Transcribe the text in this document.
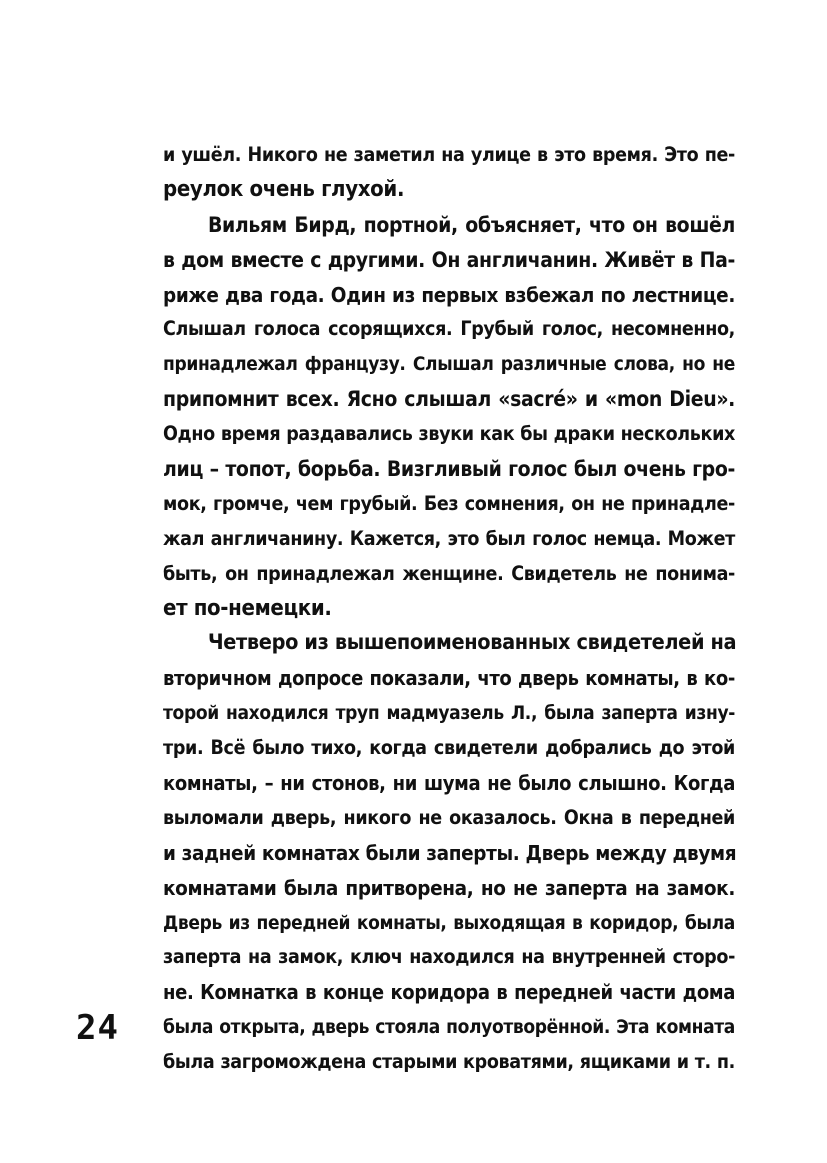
и ушёл. Никого не заметил на улице в это время. Это пе-
реулок очень глухой.
Вильям Бирд, портной, объясняет, что он вошёл
в дом вместе с другими. Он англичанин. Живёт в Па-
риже два года. Один из первых взбежал по лестнице.
Слышал голоса ссорящихся. Грубый голос, несомненно,
принадлежал французу. Слышал различные слова, но не
припомнит всех. Ясно слышал «sacré» и «mon Dieu».
Одно время раздавались звуки как бы драки нескольких
лиц – топот, борьба. Визгливый голос был очень гро-
мок, громче, чем грубый. Без сомнения, он не принадле-
жал англичанину. Кажется, это был голос немца. Может
быть, он принадлежал женщине. Свидетель не понима-
ет по-немецки.
Четверо из вышепоименованных свидетелей на
вторичном допросе показали, что дверь комнаты, в ко-
торой находился труп мадмуазель Л., была заперта изну-
три. Всё было тихо, когда свидетели добрались до этой
комнаты, – ни стонов, ни шума не было слышно. Когда
выломали дверь, никого не оказалось. Окна в передней
и задней комнатах были заперты. Дверь между двумя
комнатами была притворена, но не заперта на замок.
Дверь из передней комнаты, выходящая в коридор, была
заперта на замок, ключ находился на внутренней сторо-
не. Комнатка в конце коридора в передней части дома
была открыта, дверь стояла полуотворённой. Эта комната
была загромождена старыми кроватями, ящиками и т. п.
24
